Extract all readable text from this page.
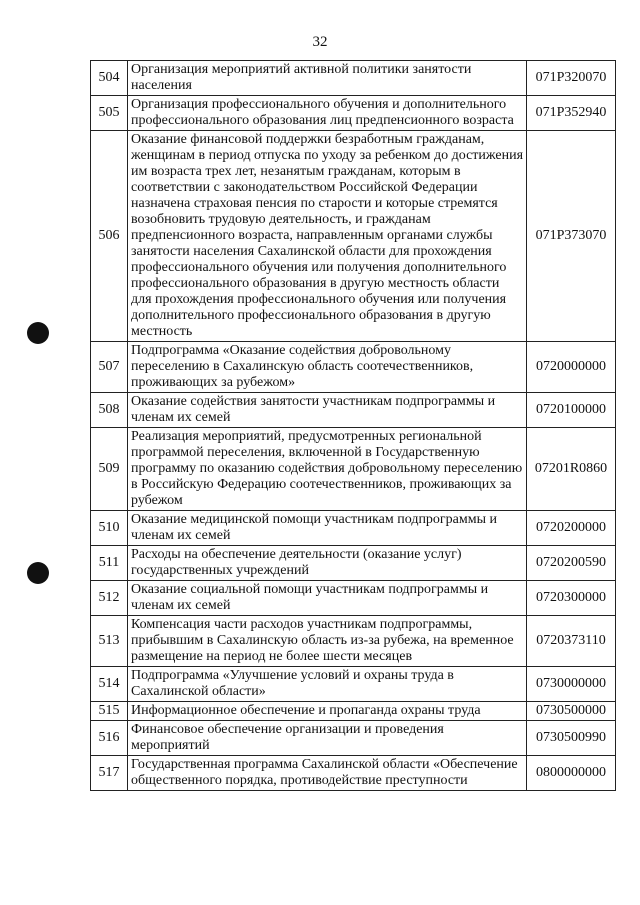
32
504	Организация мероприятий активной политики занятости населения	071P320070
505	Организация профессионального обучения и дополнительного профессионального образования лиц предпенсионного возраста	071P352940
506	Оказание финансовой поддержки безработным гражданам, женщинам в период отпуска по уходу за ребенком до достижения им возраста трех лет, незанятым гражданам, которым в соответствии с законодательством Российской Федерации назначена страховая пенсия по старости и которые стремятся возобновить трудовую деятельность, и гражданам предпенсионного возраста, направленным органами службы занятости населения Сахалинской области для прохождения профессионального обучения или получения дополнительного профессионального образования в другую местность области для прохождения профессионального обучения или получения дополнительного профессионального образования в другую местность	071P373070
507	Подпрограмма «Оказание содействия добровольному переселению в Сахалинскую область соотечественников, проживающих за рубежом»	0720000000
508	Оказание содействия занятости участникам подпрограммы и членам их семей	0720100000
509	Реализация мероприятий, предусмотренных региональной программой переселения, включенной в Государственную программу по оказанию содействия добровольному переселению в Российскую Федерацию соотечественников, проживающих за рубежом	07201R0860
510	Оказание медицинской помощи участникам подпрограммы и членам их семей	0720200000
511	Расходы на обеспечение деятельности (оказание услуг) государственных учреждений	0720200590
512	Оказание социальной помощи участникам подпрограммы и членам их семей	0720300000
513	Компенсация части расходов участникам подпрограммы, прибывшим в Сахалинскую область из-за рубежа, на временное размещение на период не более шести месяцев	0720373110
514	Подпрограмма «Улучшение условий и охраны труда в Сахалинской области»	0730000000
515	Информационное обеспечение и пропаганда охраны труда	0730500000
516	Финансовое обеспечение организации и проведения мероприятий	0730500990
517	Государственная программа Сахалинской области «Обеспечение общественного порядка, противодействие преступности	0800000000
